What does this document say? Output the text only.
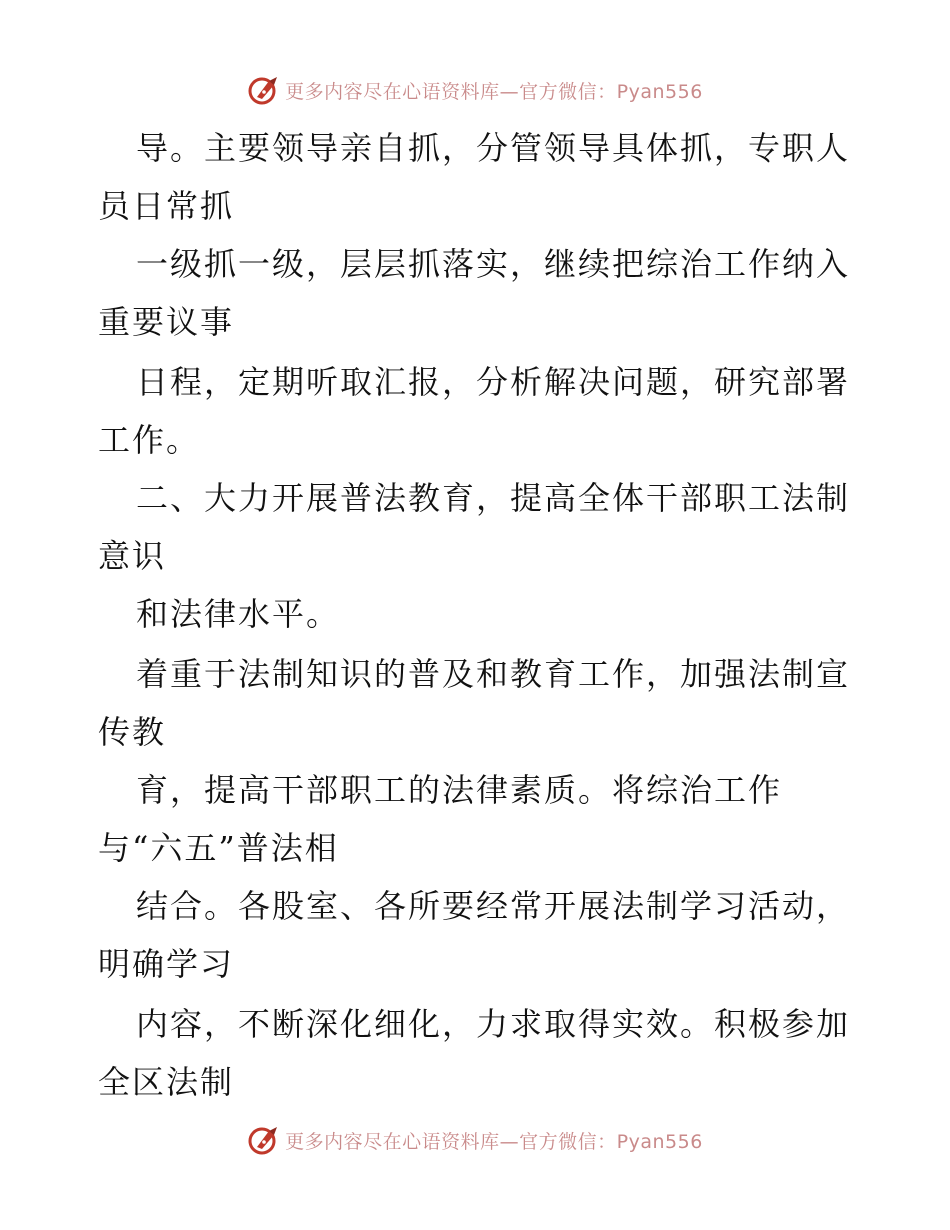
更多内容尽在心语资料库—官方微信：Pyan556
导。主要领导亲自抓，分管领导具体抓，专职人
员日常抓
一级抓一级，层层抓落实，继续把综治工作纳入
重要议事
日程，定期听取汇报，分析解决问题，研究部署
工作。
二、大力开展普法教育，提高全体干部职工法制
意识
和法律水平。
着重于法制知识的普及和教育工作，加强法制宣
传教
育，提高干部职工的法律素质。将综治工作
与“六五”普法相
结合。各股室、各所要经常开展法制学习活动，
明确学习
内容，不断深化细化，力求取得实效。积极参加
全区法制
更多内容尽在心语资料库—官方微信：Pyan556
